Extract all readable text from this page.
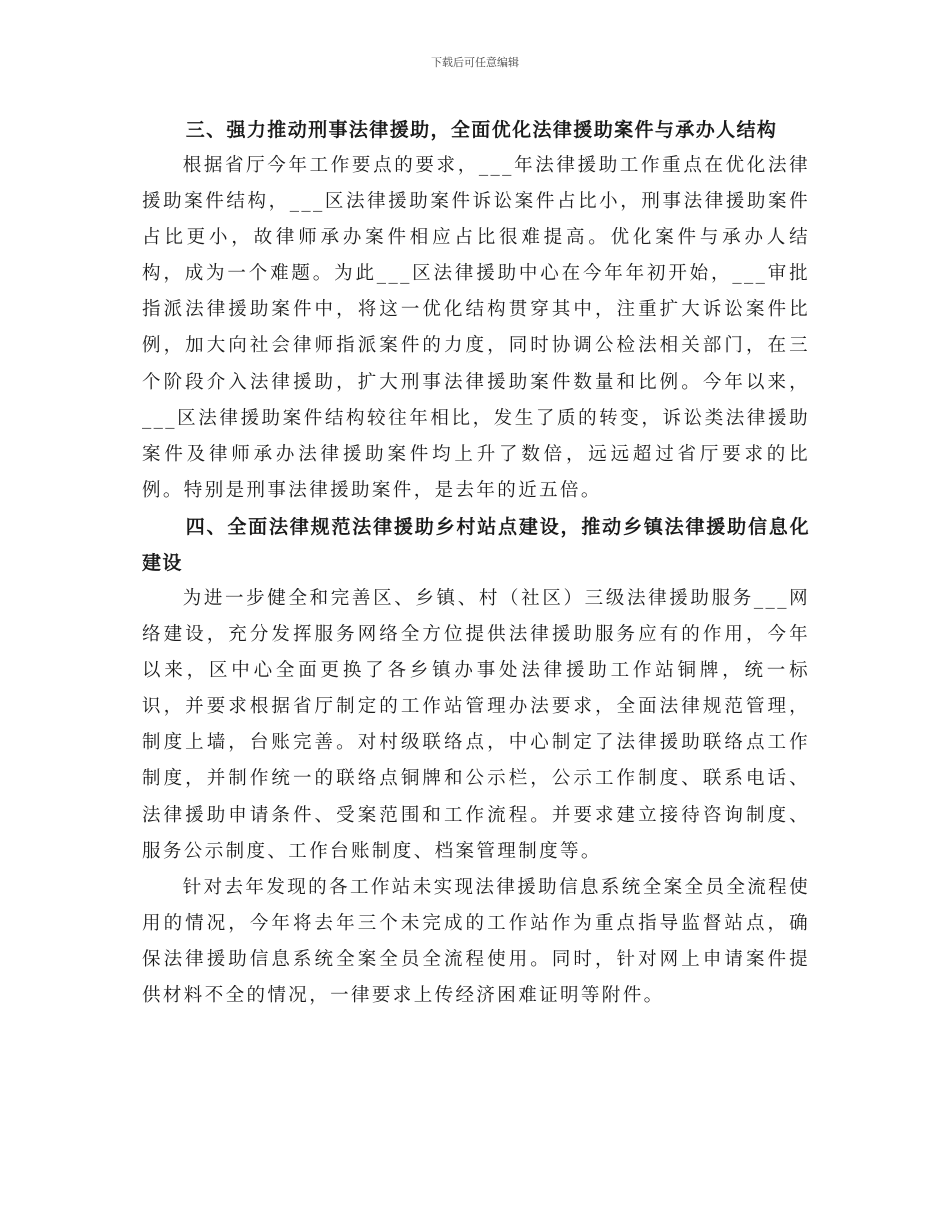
下载后可任意编辑

三、强力推动刑事法律援助，全面优化法律援助案件与承办人结构

根据省厅今年工作要点的要求，___年法律援助工作重点在优化法律援助案件结构，___区法律援助案件诉讼案件占比小，刑事法律援助案件占比更小，故律师承办案件相应占比很难提高。优化案件与承办人结构，成为一个难题。为此___区法律援助中心在今年年初开始，___审批指派法律援助案件中，将这一优化结构贯穿其中，注重扩大诉讼案件比例，加大向社会律师指派案件的力度，同时协调公检法相关部门，在三个阶段介入法律援助，扩大刑事法律援助案件数量和比例。今年以来，___区法律援助案件结构较往年相比，发生了质的转变，诉讼类法律援助案件及律师承办法律援助案件均上升了数倍，远远超过省厅要求的比例。特别是刑事法律援助案件，是去年的近五倍。

四、全面法律规范法律援助乡村站点建设，推动乡镇法律援助信息化建设

为进一步健全和完善区、乡镇、村（社区）三级法律援助服务___网络建设，充分发挥服务网络全方位提供法律援助服务应有的作用，今年以来，区中心全面更换了各乡镇办事处法律援助工作站铜牌，统一标识，并要求根据省厅制定的工作站管理办法要求，全面法律规范管理，制度上墙，台账完善。对村级联络点，中心制定了法律援助联络点工作制度，并制作统一的联络点铜牌和公示栏，公示工作制度、联系电话、法律援助申请条件、受案范围和工作流程。并要求建立接待咨询制度、服务公示制度、工作台账制度、档案管理制度等。

针对去年发现的各工作站未实现法律援助信息系统全案全员全流程使用的情况，今年将去年三个未完成的工作站作为重点指导监督站点，确保法律援助信息系统全案全员全流程使用。同时，针对网上申请案件提供材料不全的情况，一律要求上传经济困难证明等附件。
